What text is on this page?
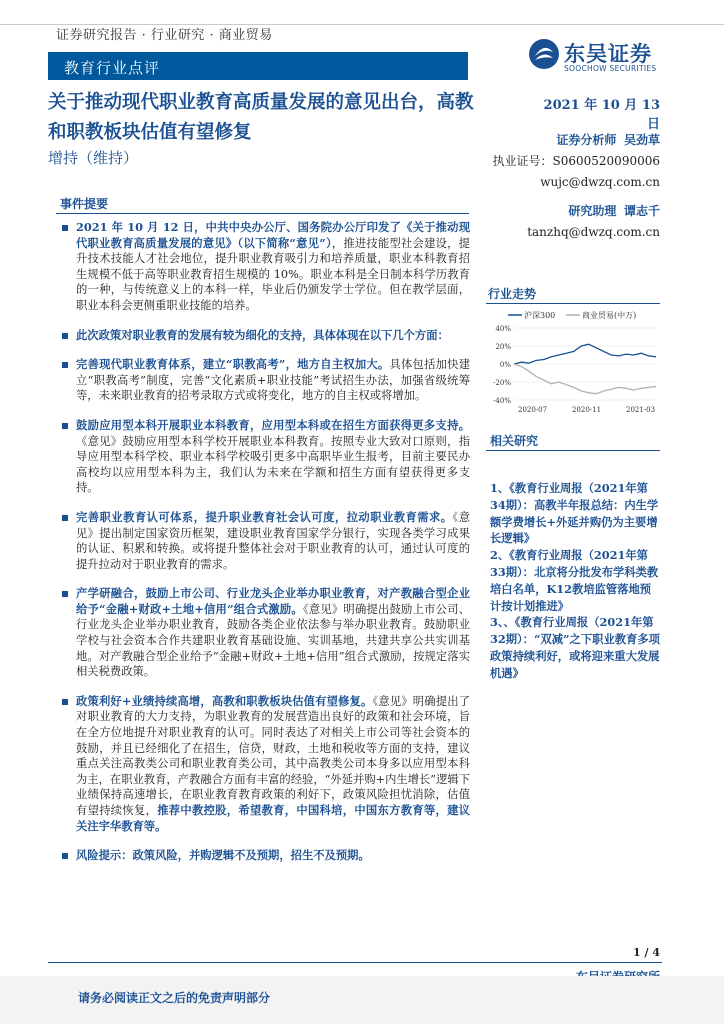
证券研究报告 · 行业研究 · 商业贸易
教育行业点评
东吴证券
SOOCHOW SECURITIES
关于推动现代职业教育高质量发展的意见出台，高教和职教板块估值有望修复
增持（维持）
2021 年 10 月 13 日
证券分析师 吴劲草
执业证号：S0600520090006
wujc@dwzq.com.cn
研究助理 谭志千
tanzhq@dwzq.com.cn
事件提要
2021 年 10 月 12 日，中共中央办公厅、国务院办公厅印发了《关于推动现代职业教育高质量发展的意见》（以下简称“意见”），推进技能型社会建设，提升技术技能人才社会地位，提升职业教育吸引力和培养质量，职业本科教育招生规模不低于高等职业教育招生规模的 10%。职业本科是全日制本科学历教育的一种，与传统意义上的本科一样，毕业后仍颁发学士学位。但在教学层面，职业本科会更侧重职业技能的培养。
此次政策对职业教育的发展有较为细化的支持，具体体现在以下几个方面：
完善现代职业教育体系，建立“职教高考”，地方自主权加大。具体包括加快建立“职教高考”制度，完善“文化素质+职业技能”考试招生办法，加强省级统筹等，未来职业教育的招考录取方式或将变化，地方的自主权或将增加。
鼓励应用型本科开展职业本科教育，应用型本科或在招生方面获得更多支持。《意见》鼓励应用型本科学校开展职业本科教育。按照专业大致对口原则，指导应用型本科学校、职业本科学校吸引更多中高职毕业生报考，目前主要民办高校均以应用型本科为主，我们认为未来在学额和招生方面有望获得更多支持。
完善职业教育认可体系，提升职业教育社会认可度，拉动职业教育需求。《意见》提出制定国家资历框架，建设职业教育国家学分银行，实现各类学习成果的认证、积累和转换。或将提升整体社会对于职业教育的认可，通过认可度的提升拉动对于职业教育的需求。
产学研融合，鼓励上市公司、行业龙头企业举办职业教育，对产教融合型企业给予“金融+财政+土地+信用”组合式激励。《意见》明确提出鼓励上市公司、行业龙头企业举办职业教育，鼓励各类企业依法参与举办职业教育。鼓励职业学校与社会资本合作共建职业教育基础设施、实训基地，共建共享公共实训基地。对产教融合型企业给予“金融+财政+土地+信用”组合式激励，按规定落实相关税费政策。
政策利好+业绩持续高增，高教和职教板块估值有望修复。《意见》明确提出了对职业教育的大力支持，为职业教育的发展营造出良好的政策和社会环境，旨在全方位地提升对职业教育的认可。同时表达了对相关上市公司等社会资本的鼓励，并且已经细化了在招生，信贷，财政，土地和税收等方面的支持，建议重点关注高教类公司和职业教育类公司，其中高教类公司本身多以应用型本科为主，在职业教育，产教融合方面有丰富的经验，“外延并购+内生增长”逻辑下业绩保持高速增长，在职业教育教育政策的利好下，政策风险担忧消除，估值有望持续恢复，推荐中教控股，希望教育，中国科培，中国东方教育等，建议关注宇华教育等。
风险提示：政策风险，并购逻辑不及预期，招生不及预期。
行业走势
沪深300	商业贸易(中万)
40%
20%
0%
-20%
-40%
2020-07	2020-11	2021-03
相关研究
1、《教育行业周报（2021年第34期）：高教半年报总结：内生学额学费增长+外延并购仍为主要增长逻辑》
2、《教育行业周报（2021年第33期）：北京将分批发布学科类教培白名单，K12教培监管落地预计按计划推进》
3、、《教育行业周报（2021年第32期）：“双减”之下职业教育多项政策持续利好，或将迎来重大发展机遇》
1 / 4
请务必阅读正文之后的免责声明部分
